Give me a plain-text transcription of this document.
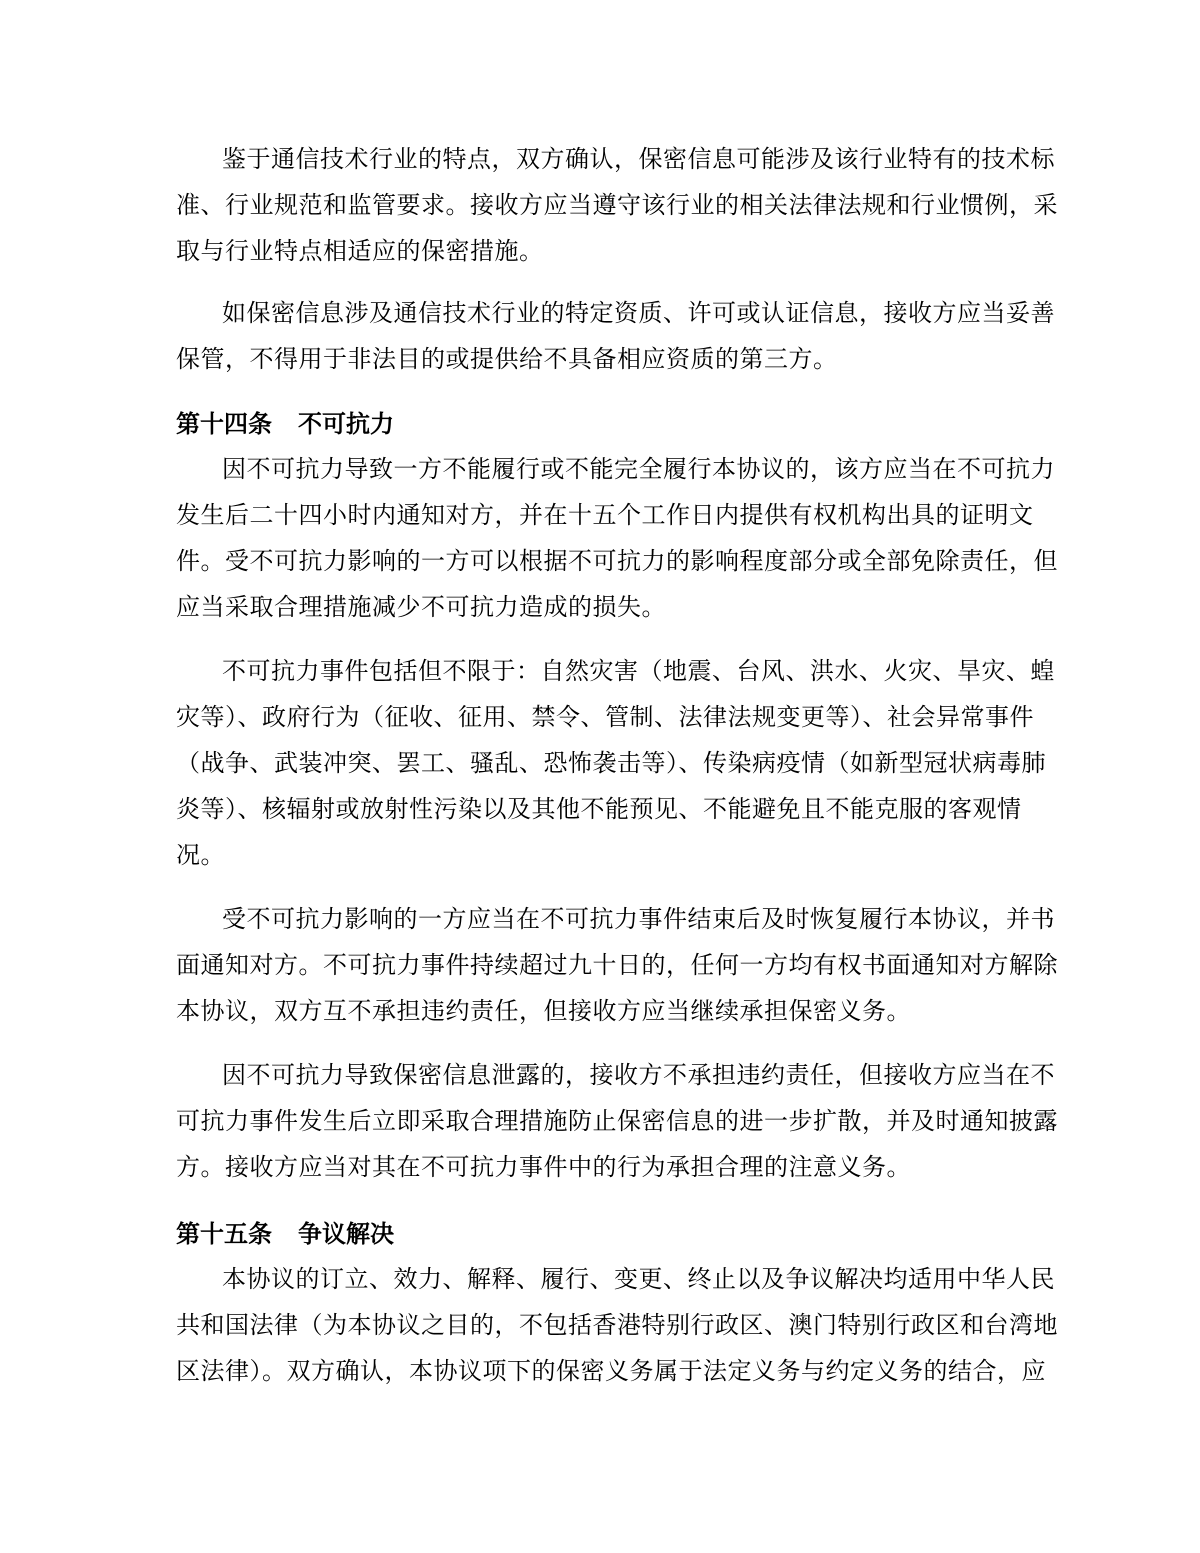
鉴于通信技术行业的特点，双方确认，保密信息可能涉及该行业特有的技术标
准、行业规范和监管要求。接收方应当遵守该行业的相关法律法规和行业惯例，采
取与行业特点相适应的保密措施。
如保密信息涉及通信技术行业的特定资质、许可或认证信息，接收方应当妥善
保管，不得用于非法目的或提供给不具备相应资质的第三方。
第十四条 不可抗力
因不可抗力导致一方不能履行或不能完全履行本协议的，该方应当在不可抗力
发生后二十四小时内通知对方，并在十五个工作日内提供有权机构出具的证明文
件。受不可抗力影响的一方可以根据不可抗力的影响程度部分或全部免除责任，但
应当采取合理措施减少不可抗力造成的损失。
不可抗力事件包括但不限于：自然灾害（地震、台风、洪水、火灾、旱灾、蝗
灾等）、政府行为（征收、征用、禁令、管制、法律法规变更等）、社会异常事件
（战争、武装冲突、罢工、骚乱、恐怖袭击等）、传染病疫情（如新型冠状病毒肺
炎等）、核辐射或放射性污染以及其他不能预见、不能避免且不能克服的客观情
况。
受不可抗力影响的一方应当在不可抗力事件结束后及时恢复履行本协议，并书
面通知对方。不可抗力事件持续超过九十日的，任何一方均有权书面通知对方解除
本协议，双方互不承担违约责任，但接收方应当继续承担保密义务。
因不可抗力导致保密信息泄露的，接收方不承担违约责任，但接收方应当在不
可抗力事件发生后立即采取合理措施防止保密信息的进一步扩散，并及时通知披露
方。接收方应当对其在不可抗力事件中的行为承担合理的注意义务。
第十五条 争议解决
本协议的订立、效力、解释、履行、变更、终止以及争议解决均适用中华人民
共和国法律（为本协议之目的，不包括香港特别行政区、澳门特别行政区和台湾地
区法律）。双方确认，本协议项下的保密义务属于法定义务与约定义务的结合，应
